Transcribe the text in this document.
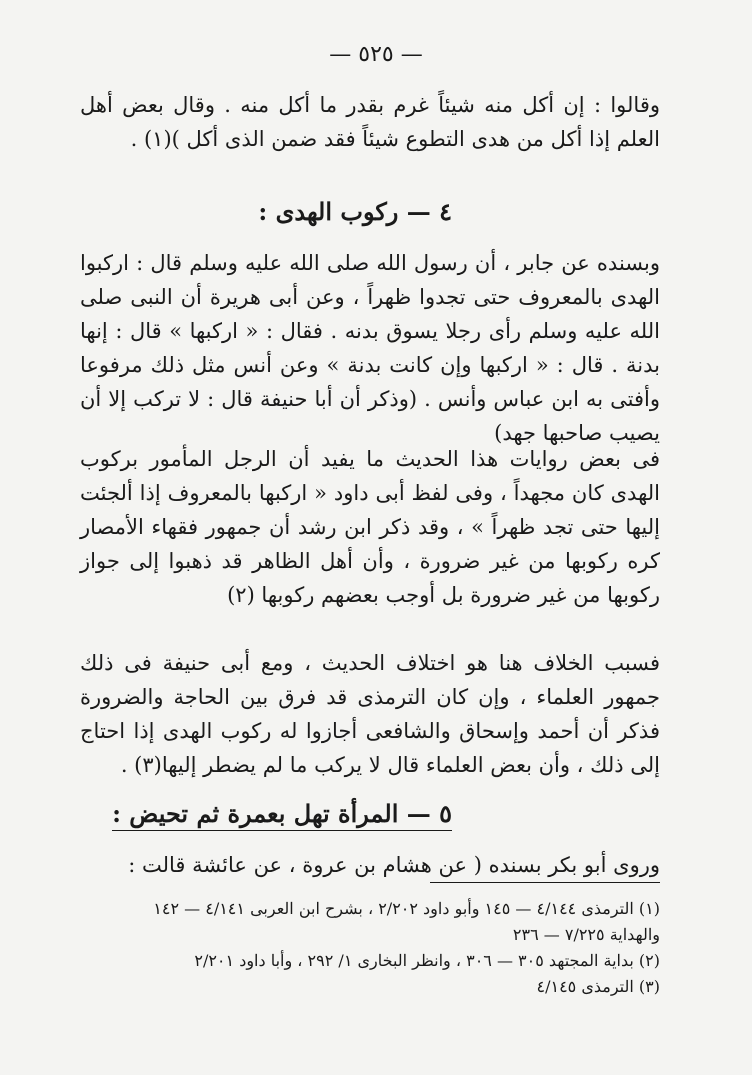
— ٥٢٥ —

وقالوا : إن أكل منه شيئاً غرم بقدر ما أكل منه . وقال بعض أهل العلم إذا أكل من هدى التطوع شيئاً فقد ضمن الذى أكل )(١) .

٤ — ركوب الهدى :

وبسنده عن جابر ، أن رسول الله صلى الله عليه وسلم قال : اركبوا الهدى بالمعروف حتى تجدوا ظهراً ، وعن أبى هريرة أن النبى صلى الله عليه وسلم رأى رجلا يسوق بدنه . فقال : « اركبها » قال : إنها بدنة . قال : « اركبها وإن كانت بدنة » وعن أنس مثل ذلك مرفوعا وأفتى به ابن عباس وأنس . (وذكر أن أبا حنيفة قال : لا تركب إلا أن يصيب صاحبها جهد)

فى بعض روايات هذا الحديث ما يفيد أن الرجل المأمور بركوب الهدى كان مجهداً ، وفى لفظ أبى داود « اركبها بالمعروف إذا ألجئت إليها حتى تجد ظهراً » ، وقد ذكر ابن رشد أن جمهور فقهاء الأمصار كره ركوبها من غير ضرورة ، وأن أهل الظاهر قد ذهبوا إلى جواز ركوبها من غير ضرورة بل أوجب بعضهم ركوبها (٢)

فسبب الخلاف هنا هو اختلاف الحديث ، ومع أبى حنيفة فى ذلك جمهور العلماء ، وإن كان الترمذى قد فرق بين الحاجة والضرورة فذكر أن أحمد وإسحاق والشافعى أجازوا له ركوب الهدى إذا احتاج إلى ذلك ، وأن بعض العلماء قال لا يركب ما لم يضطر إليها(٣) .

٥ — المرأة تهل بعمرة ثم تحيض :

وروى أبو بكر بسنده ( عن هشام بن عروة ، عن عائشة قالت :

(١) الترمذى ٤/١٤٤ — ١٤٥ وأبو داود ٢/٢٠٢ ، بشرح ابن العربى ٤/١٤١ — ١٤٢
والهداية ٧/٢٢٥ — ٢٣٦
(٢) بداية المجتهد ٣٠٥ — ٣٠٦ ، وانظر البخارى ١/ ٢٩٢ ، وأبا داود ٢/٢٠١
(٣) الترمذى ٤/١٤٥
